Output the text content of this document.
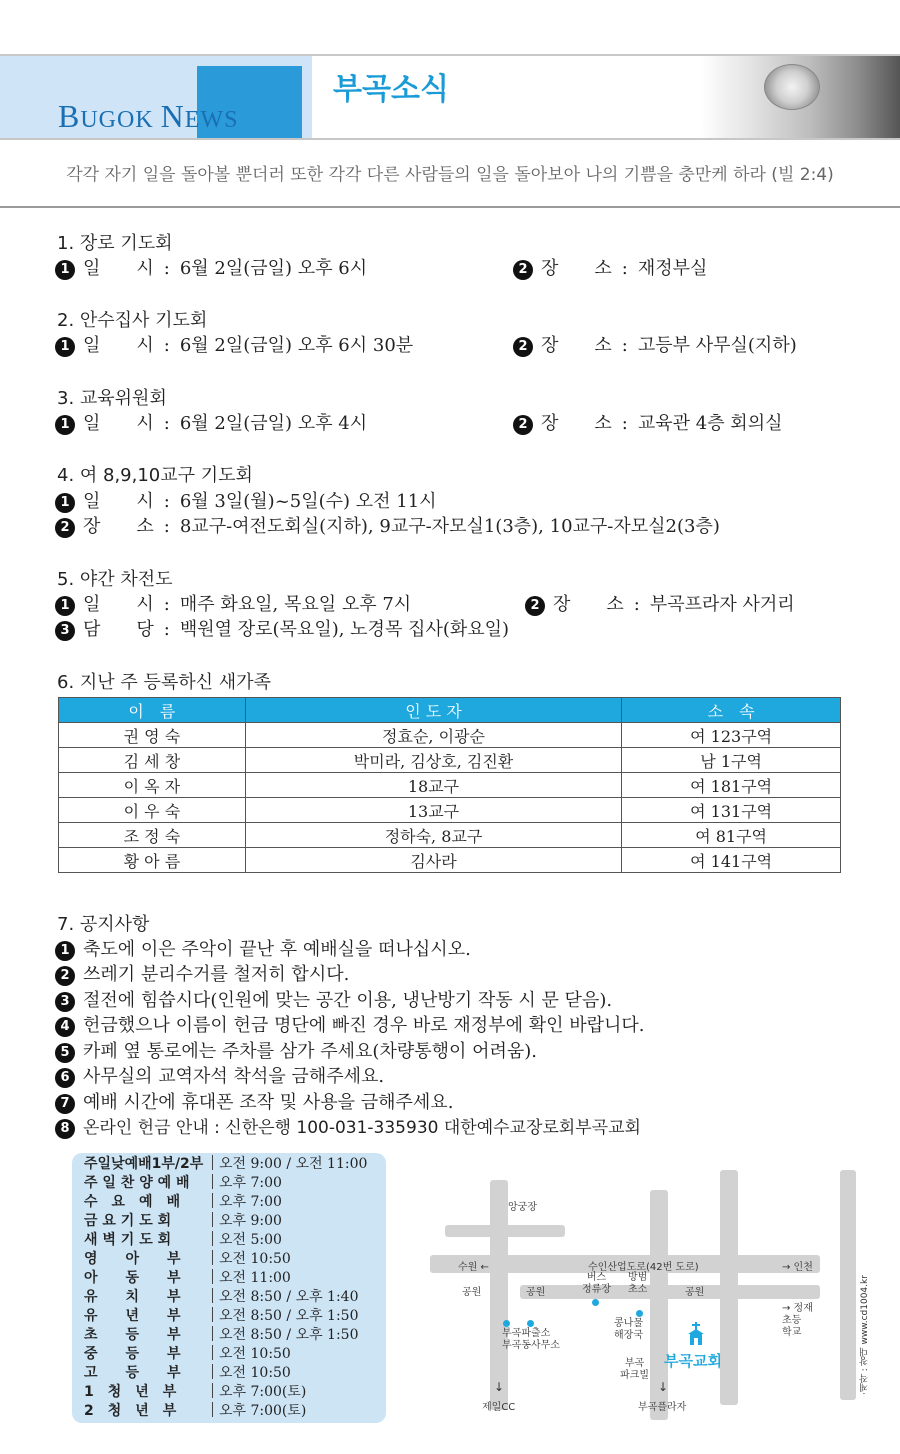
BUGOK NEWS
부곡소식
각각 자기 일을 돌아볼 뿐더러 또한 각각 다른 사람들의 일을 돌아보아 나의 기쁨을 충만케 하라 (빌 2:4)
1. 장로 기도회
1 일　　시 : 6월 2일(금일) 오후 6시	2 장　　소 : 재정부실
2. 안수집사 기도회
1 일　　시 : 6월 2일(금일) 오후 6시 30분	2 장　　소 : 고등부 사무실(지하)
3. 교육위원회
1 일　　시 : 6월 2일(금일) 오후 4시	2 장　　소 : 교육관 4층 회의실
4. 여 8,9,10교구 기도회
1 일　　시 : 6월 3일(월)~5일(수) 오전 11시
2 장　　소 : 8교구-여전도회실(지하), 9교구-자모실1(3층), 10교구-자모실2(3층)
5. 야간 차전도
1 일　　시 : 매주 화요일, 목요일 오후 7시	2 장　　소 : 부곡프라자 사거리
3 담　　당 : 백원열 장로(목요일), 노경목 집사(화요일)
6. 지난 주 등록하신 새가족
이　름	인 도 자	소　속
권 영 숙	정효순, 이광순	여 123구역
김 세 창	박미라, 김상호, 김진환	남 1구역
이 옥 자	18교구	여 181구역
이 우 숙	13교구	여 131구역
조 정 숙	정하숙, 8교구	여 81구역
황 아 름	김사라	여 141구역
7. 공지사항
1 축도에 이은 주악이 끝난 후 예배실을 떠나십시오.
2 쓰레기 분리수거를 철저히 합시다.
3 절전에 힘씁시다(인원에 맞는 공간 이용, 냉난방기 작동 시 문 닫음).
4 헌금했으나 이름이 헌금 명단에 빠진 경우 바로 재정부에 확인 바랍니다.
5 카페 옆 통로에는 주차를 삼가 주세요(차량통행이 어려움).
6 사무실의 교역자석 착석을 금해주세요.
7 예배 시간에 휴대폰 조작 및 사용을 금해주세요.
8 온라인 헌금 안내 : 신한은행 100-031-335930 대한예수교장로회부곡교회
주일낮예배1부/2부 오전 9:00 / 오전 11:00
주 일 찬 양 예 배 오후 7:00
수　요　예　배	오후 7:00
금 요 기 도 회	오후 9:00
새 벽 기 도 회	오전 5:00
영　　아　　부	오전 10:50
아　　동　　부	오전 11:00
유　　치　　부	오전 8:50 / 오후 1:40
유　　년　　부	오전 8:50 / 오후 1:50
초　　등　　부	오전 8:50 / 오후 1:50
중　　등　　부	오전 10:50
고　　등　　부	오전 10:50
1　청　년　부	오후 7:00(토)
2　청　년　부	오후 7:00(토)
앙궁장
수원 ←	수인산업도로(42번 도로)	→ 인천
공원	공원	공원
버스
정류장
방범
초소
→ 정재
초등
학교
부곡파출소
부곡동사무소
콩나물
해장국
부곡
파크빌
부곡교회
↓
제일CC
↓
부곡플라자
·제작 : 창대 www.cd1004.kr
